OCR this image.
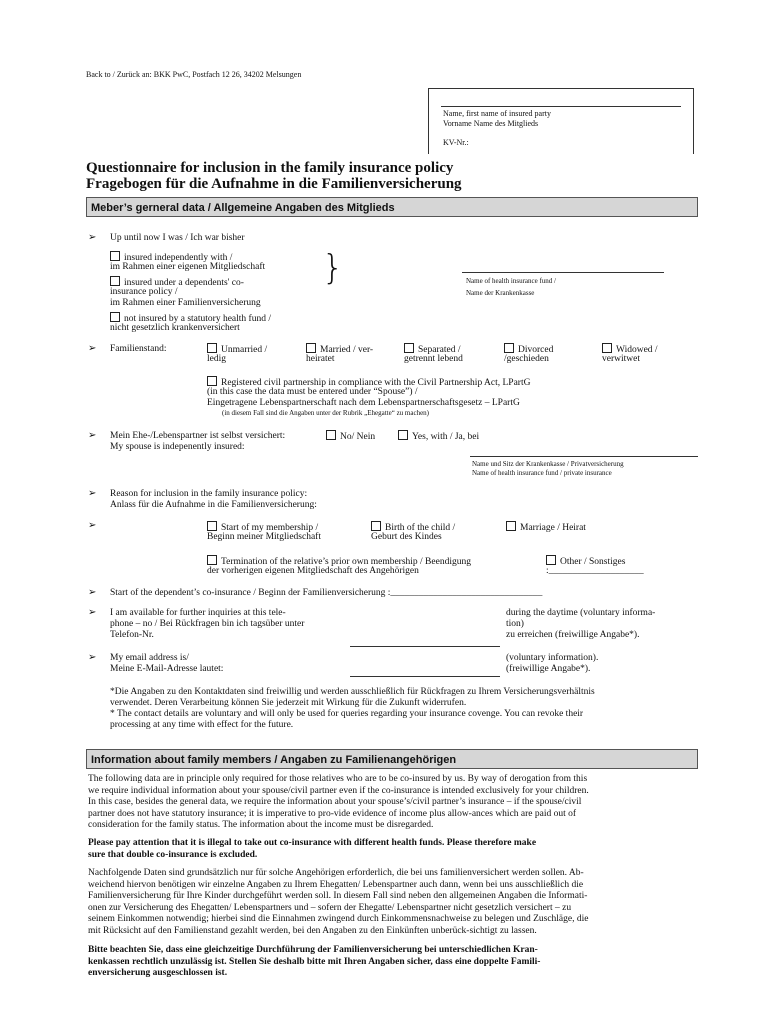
Back to / Zurück an: BKK PwC, Postfach 12 26, 34202 Melsungen
Name, first name of insured party
Vorname Name des Mitglieds
KV-Nr.:
Questionnaire for inclusion in the family insurance policy
Fragebogen für die Aufnahme in die Familienversicherung
Meber’s gerneral data / Allgemeine Angaben des Mitglieds
➢ Up until now I was / Ich war bisher
insured independently with /
im Rahmen einer eigenen Mitgliedschaft
insured under a dependents' co-
insurance policy /
im Rahmen einer Familienversicherung
not insured by a statutory health fund /
nicht gesetzlich krankenversichert
}	Name of health insurance fund /
Name der Krankenkasse
➢ Familienstand:	Unmarried /
ledig
Married / ver-
heiratet
Separated /
getrennt lebend
Divorced
/geschieden
Widowed /
verwitwet
Registered civil partnership in compliance with the Civil Partnership Act, LPartG
(in this case the data must be entered under “Spouse”) /
Eingetragene Lebenspartnerschaft nach dem Lebenspartnerschaftsgesetz – LPartG
(in diesem Fall sind die Angaben unter der Rubrik „Ehegatte“ zu machen)
➢ Mein Ehe-/Lebenspartner ist selbst versichert:	No/ Nein	Yes, with / Ja, bei
My spouse is indepenently insured:
Name und Sitz der Krankenkasse / Privatversicherung
Name of health insurance fund / private insurance
➢ Reason for inclusion in the family insurance policy:
Anlass für die Aufnahme in die Familienversicherung:
➢	Start of my membership /
Beginn meiner Mitgliedschaft
Birth of the child /
Geburt des Kindes
Marriage / Heirat
Termination of the relative’s prior own membership / Beendigung
der vorherigen eigenen Mitgliedschaft des Angehörigen
Other / Sonstiges
:____________________
➢ Start of the dependent’s co-insurance / Beginn der Familienversicherung :________________________________
➢ I am available for further inquiries at this tele-
phone – no / Bei Rückfragen bin ich tagsüber unter
Telefon-Nr.
during the daytime (voluntary informa-
tion)
zu erreichen (freiwillige Angabe*).
➢ My email address is/
Meine E-Mail-Adresse lautet:
(voluntary information).
(freiwillige Angabe*).
*Die Angaben zu den Kontaktdaten sind freiwillig und werden ausschließlich für Rückfragen zu Ihrem Versicherungsverhältnis
verwendet. Deren Verarbeitung können Sie jederzeit mit Wirkung für die Zukunft widerrufen.
* The contact details are voluntary and will only be used for queries regarding your insurance covenge. You can revoke their
processing at any time with effect for the future.
Information about family members / Angaben zu Familienangehörigen
The following data are in principle only required for those relatives who are to be co-insured by us. By way of derogation from this
we require individual information about your spouse/civil partner even if the co-insurance is intended exclusively for your children.
In this case, besides the general data, we require the information about your spouse’s/civil partner’s insurance – if the spouse/civil
partner does not have statutory insurance; it is imperative to pro-vide evidence of income plus allow-ances which are paid out of
consideration for the family status. The information about the income must be disregarded.
Please pay attention that it is illegal to take out co-insurance with different health funds. Please therefore make
sure that double co-insurance is excluded.
Nachfolgende Daten sind grundsätzlich nur für solche Angehörigen erforderlich, die bei uns familienversichert werden sollen. Ab-
weichend hiervon benötigen wir einzelne Angaben zu Ihrem Ehegatten/ Lebenspartner auch dann, wenn bei uns ausschließlich die
Familienversicherung für Ihre Kinder durchgeführt werden soll. In diesem Fall sind neben den allgemeinen Angaben die Informati-
onen zur Versicherung des Ehegatten/ Lebenspartners und – sofern der Ehegatte/ Lebenspartner nicht gesetzlich versichert – zu
seinem Einkommen notwendig; hierbei sind die Einnahmen zwingend durch Einkommensnachweise zu belegen und Zuschläge, die
mit Rücksicht auf den Familienstand gezahlt werden, bei den Angaben zu den Einkünften unberück-sichtigt zu lassen.
Bitte beachten Sie, dass eine gleichzeitige Durchführung der Familienversicherung bei unterschiedlichen Kran-
kenkassen rechtlich unzulässig ist. Stellen Sie deshalb bitte mit Ihren Angaben sicher, dass eine doppelte Famili-
enversicherung ausgeschlossen ist.
